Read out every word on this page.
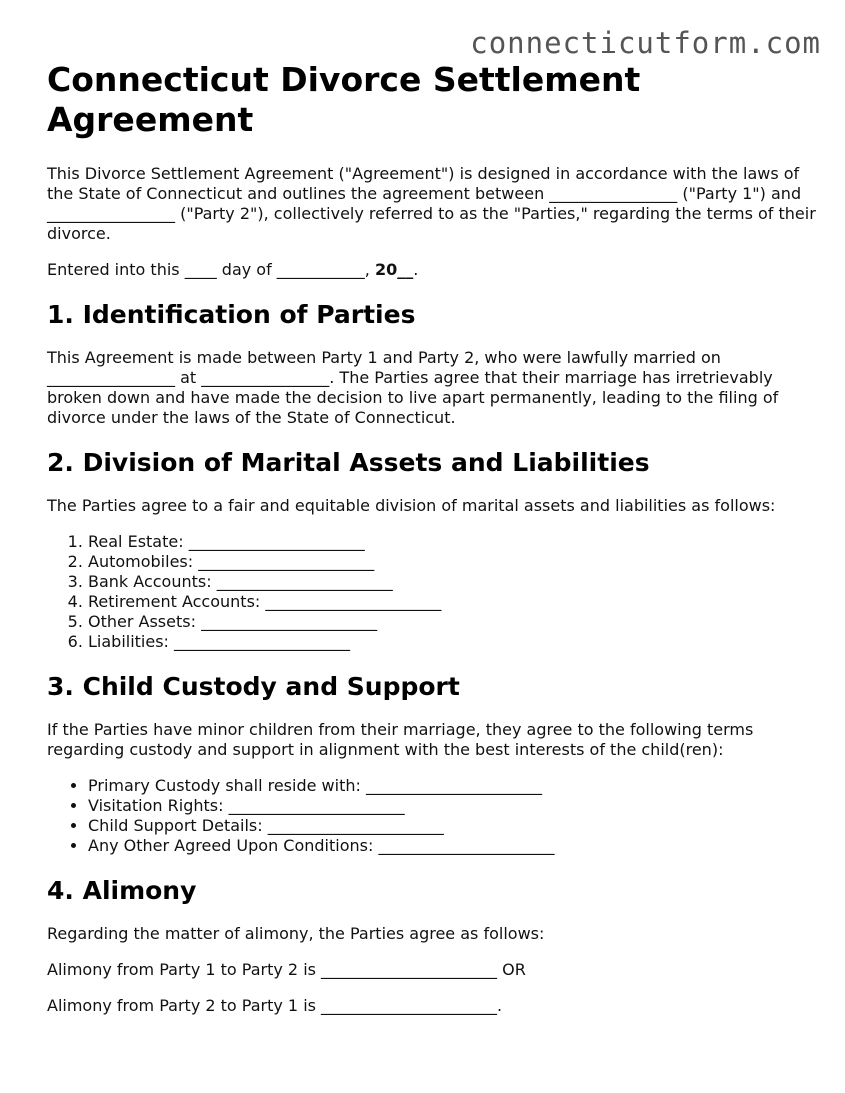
connecticutform.com
Connecticut Divorce Settlement Agreement

This Divorce Settlement Agreement ("Agreement") is designed in accordance with the laws of the State of Connecticut and outlines the agreement between ________________ ("Party 1") and ________________ ("Party 2"), collectively referred to as the "Parties," regarding the terms of their divorce.

Entered into this ____ day of ___________, 20__.

1. Identification of Parties

This Agreement is made between Party 1 and Party 2, who were lawfully married on ________________ at ________________. The Parties agree that their marriage has irretrievably broken down and have made the decision to live apart permanently, leading to the filing of divorce under the laws of the State of Connecticut.

2. Division of Marital Assets and Liabilities

The Parties agree to a fair and equitable division of marital assets and liabilities as follows:

1. Real Estate: ______________________
2. Automobiles: ______________________
3. Bank Accounts: ______________________
4. Retirement Accounts: ______________________
5. Other Assets: ______________________
6. Liabilities: ______________________
3. Child Custody and Support

If the Parties have minor children from their marriage, they agree to the following terms regarding custody and support in alignment with the best interests of the child(ren):

• Primary Custody shall reside with: ______________________
• Visitation Rights: ______________________
• Child Support Details: ______________________
• Any Other Agreed Upon Conditions: ______________________
4. Alimony

Regarding the matter of alimony, the Parties agree as follows:

Alimony from Party 1 to Party 2 is ______________________ OR

Alimony from Party 2 to Party 1 is ______________________.
